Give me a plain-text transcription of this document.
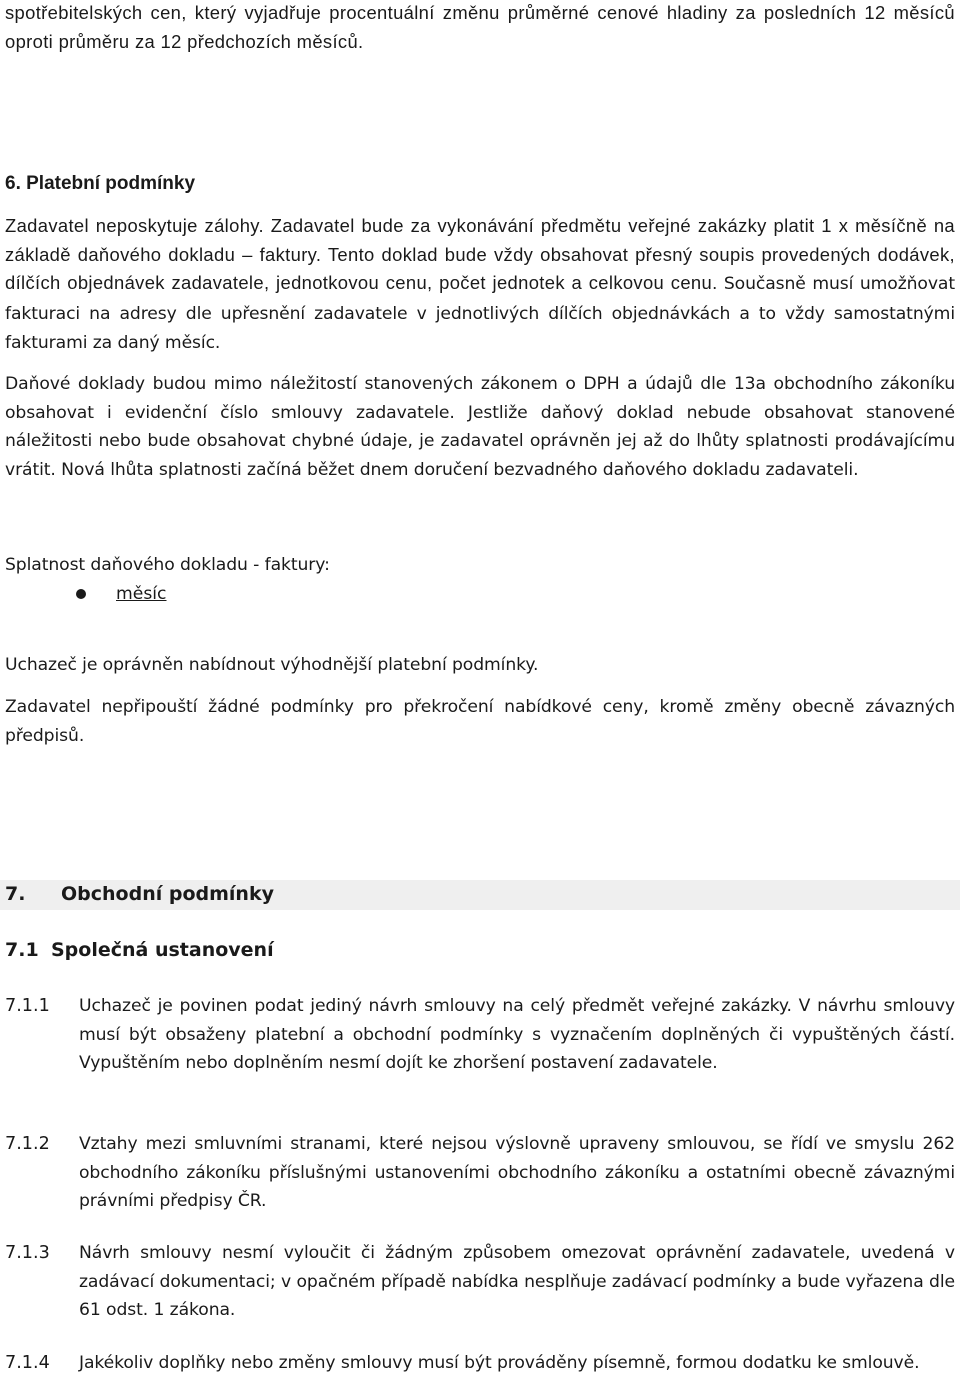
spotřebitelských cen, který vyjadřuje procentuální změnu průměrné cenové hladiny za posledních 12 měsíců oproti průměru za 12 předchozích měsíců.

6. Platební podmínky

Zadavatel neposkytuje zálohy. Zadavatel bude za vykonávání předmětu veřejné zakázky platit 1 x měsíčně na základě daňového dokladu – faktury. Tento doklad bude vždy obsahovat přesný soupis provedených dodávek, dílčích objednávek zadavatele, jednotkovou cenu, počet jednotek a celkovou cenu. Současně musí umožňovat fakturaci na adresy dle upřesnění zadavatele v jednotlivých dílčích objednávkách a to vždy samostatnými fakturami za daný měsíc.

Daňové doklady budou mimo náležitostí stanovených zákonem o DPH a údajů dle 13a obchodního zákoníku obsahovat i evidenční číslo smlouvy zadavatele. Jestliže daňový doklad nebude obsahovat stanovené náležitosti nebo bude obsahovat chybné údaje, je zadavatel oprávněn jej až do lhůty splatnosti prodávajícímu vrátit. Nová lhůta splatnosti začíná běžet dnem doručení bezvadného daňového dokladu zadavateli.

Splatnost daňového dokladu - faktury:

měsíc

Uchazeč je oprávněn nabídnout výhodnější platební podmínky.

Zadavatel nepřipouští žádné podmínky pro překročení nabídkové ceny, kromě změny obecně závazných předpisů.

7. Obchodní podmínky
7.1 Společná ustanovení

7.1.1 Uchazeč je povinen podat jediný návrh smlouvy na celý předmět veřejné zakázky. V návrhu smlouvy musí být obsaženy platební a obchodní podmínky s vyznačením doplněných či vypuštěných částí. Vypuštěním nebo doplněním nesmí dojít ke zhoršení postavení zadavatele.

7.1.2 Vztahy mezi smluvními stranami, které nejsou výslovně upraveny smlouvou, se řídí ve smyslu 262 obchodního zákoníku příslušnými ustanoveními obchodního zákoníku a ostatními obecně závaznými právními předpisy ČR.

7.1.3 Návrh smlouvy nesmí vyloučit či žádným způsobem omezovat oprávnění zadavatele, uvedená v zadávací dokumentaci; v opačném případě nabídka nesplňuje zadávací podmínky a bude vyřazena dle 61 odst. 1 zákona.

7.1.4 Jakékoliv doplňky nebo změny smlouvy musí být prováděny písemně, formou dodatku ke smlouvě.
